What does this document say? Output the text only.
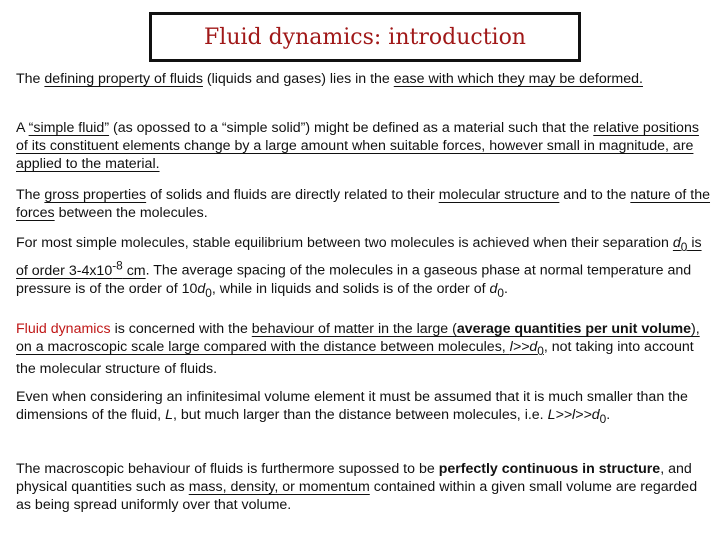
Fluid dynamics: introduction

The defining property of fluids (liquids and gases) lies in the ease with which they may be deformed.

A “simple fluid” (as opossed to a “simple solid”) might be defined as a material such that the relative positions of its constituent elements change by a large amount when suitable forces, however small in magnitude, are applied to the material.

The gross properties of solids and fluids are directly related to their molecular structure and to the nature of the forces between the molecules.

For most simple molecules, stable equilibrium between two molecules is achieved when their separation $d_0$ is of order $3-4x10^{-8}$ cm. The average spacing of the molecules in a gaseous phase at normal temperature and pressure is of the order of $10d_0$, while in liquids and solids is of the order of $d_0$.

Fluid dynamics is concerned with the behaviour of matter in the large (average quantities per unit volume), on a macroscopic scale large compared with the distance between molecules, $l>>d_0$, not taking into account the molecular structure of fluids.

Even when considering an infinitesimal volume element it must be assumed that it is much smaller than the dimensions of the fluid, L, but much larger than the distance between molecules, i.e. $L>>l>>d_0$.

The macroscopic behaviour of fluids is furthermore supossed to be perfectly continuous in structure, and physical quantities such as mass, density, or momentum contained within a given small volume are regarded as being spread uniformly over that volume.
